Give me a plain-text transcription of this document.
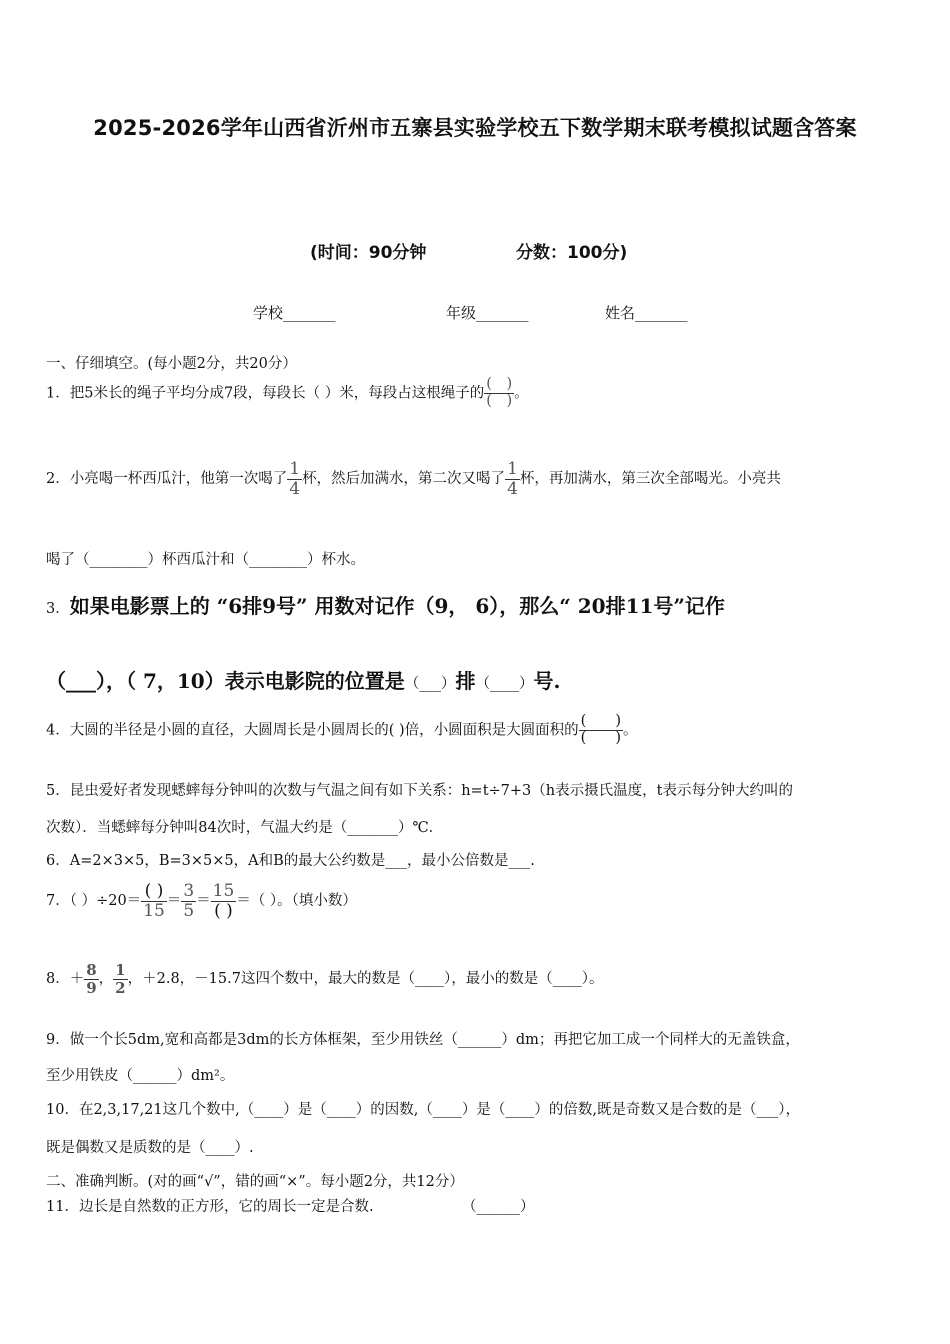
2025-2026学年山西省沂州市五寨县实验学校五下数学期末联考模拟试题含答案
(时间：90分钟	分数：100分)
学校_______	年级_______	姓名_______
一、仔细填空。(每小题2分，共20分）
1．把5米长的绳子平均分成7段，每段长（ ）米，每段占这根绳子的 $\frac{( )}{( )}$ 。
2．小亮喝一杯西瓜汁，他第一次喝了 $\frac{1}{4}$ 杯，然后加满水，第二次又喝了 $\frac{1}{4}$ 杯，再加满水，第三次全部喝光。小亮共
喝了（________）杯西瓜汁和（________）杯水。
3．如果电影票上的 “6排9号” 用数对记作（9， 6），那么“ 20排11号”记作
（___），（ 7，10）表示电影院的位置是（___）排（____）号.
4．大圆的半径是小圆的直径，大圆周长是小圆周长的( )倍，小圆面积是大圆面积的 $\frac{( )}{( )}$ 。
5．昆虫爱好者发现蟋蟀每分钟叫的次数与气温之间有如下关系：h=t÷7+3（h表示摄氏温度，t表示每分钟大约叫的
次数）．当蟋蟀每分钟叫84次时，气温大约是（_______）℃．
6．A=2×3×5，B=3×5×5，A和B的最大公约数是___，最小公倍数是___.
7．（ ）$\div 20= \frac{( )}{15} = \frac{3}{5} = \frac{15}{( )}$ ＝（ ）。（填小数）
8．＋ $\frac{8}{9}$ ， $\frac{1}{2}$ ，＋2.8，－15.7这四个数中，最大的数是（____），最小的数是（____）。
9．做一个长5dm,宽和高都是3dm的长方体框架，至少用铁丝（______）dm；再把它加工成一个同样大的无盖铁盒，
至少用铁皮（______）dm²。
10．在2,3,17,21这几个数中,（____）是（____）的因数,（____）是（____）的倍数,既是奇数又是合数的是（___），
既是偶数又是质数的是（____）.
二、准确判断。(对的画“√”，错的画“×”。每小题2分，共12分）
11．边长是自然数的正方形，它的周长一定是合数.	（______）
